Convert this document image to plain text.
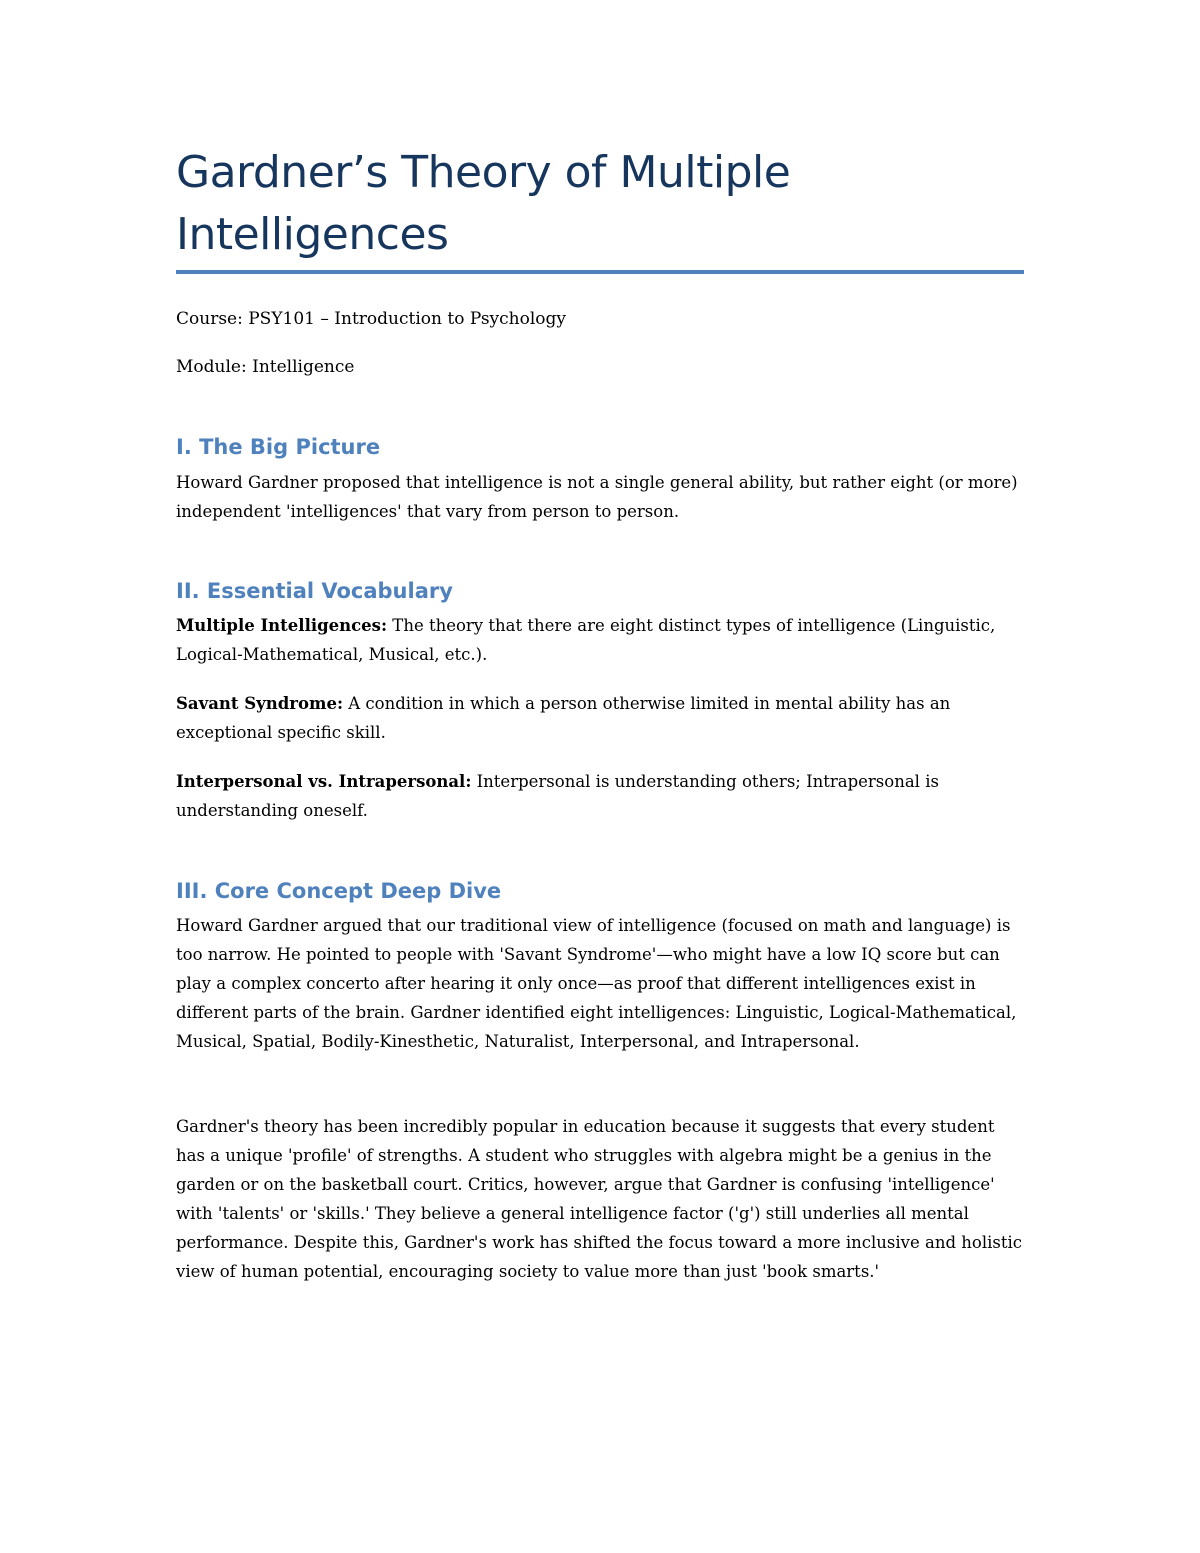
Gardner’s Theory of Multiple Intelligences

Course: PSY101 – Introduction to Psychology

Module: Intelligence

I. The Big Picture

Howard Gardner proposed that intelligence is not a single general ability, but rather eight (or more) independent 'intelligences' that vary from person to person.

II. Essential Vocabulary

Multiple Intelligences: The theory that there are eight distinct types of intelligence (Linguistic, Logical-Mathematical, Musical, etc.).

Savant Syndrome: A condition in which a person otherwise limited in mental ability has an exceptional specific skill.

Interpersonal vs. Intrapersonal: Interpersonal is understanding others; Intrapersonal is understanding oneself.

III. Core Concept Deep Dive

Howard Gardner argued that our traditional view of intelligence (focused on math and language) is too narrow. He pointed to people with 'Savant Syndrome'—who might have a low IQ score but can play a complex concerto after hearing it only once—as proof that different intelligences exist in different parts of the brain. Gardner identified eight intelligences: Linguistic, Logical-Mathematical, Musical, Spatial, Bodily-Kinesthetic, Naturalist, Interpersonal, and Intrapersonal.

Gardner's theory has been incredibly popular in education because it suggests that every student has a unique 'profile' of strengths. A student who struggles with algebra might be a genius in the garden or on the basketball court. Critics, however, argue that Gardner is confusing 'intelligence' with 'talents' or 'skills.' They believe a general intelligence factor ('g') still underlies all mental performance. Despite this, Gardner's work has shifted the focus toward a more inclusive and holistic view of human potential, encouraging society to value more than just 'book smarts.'
